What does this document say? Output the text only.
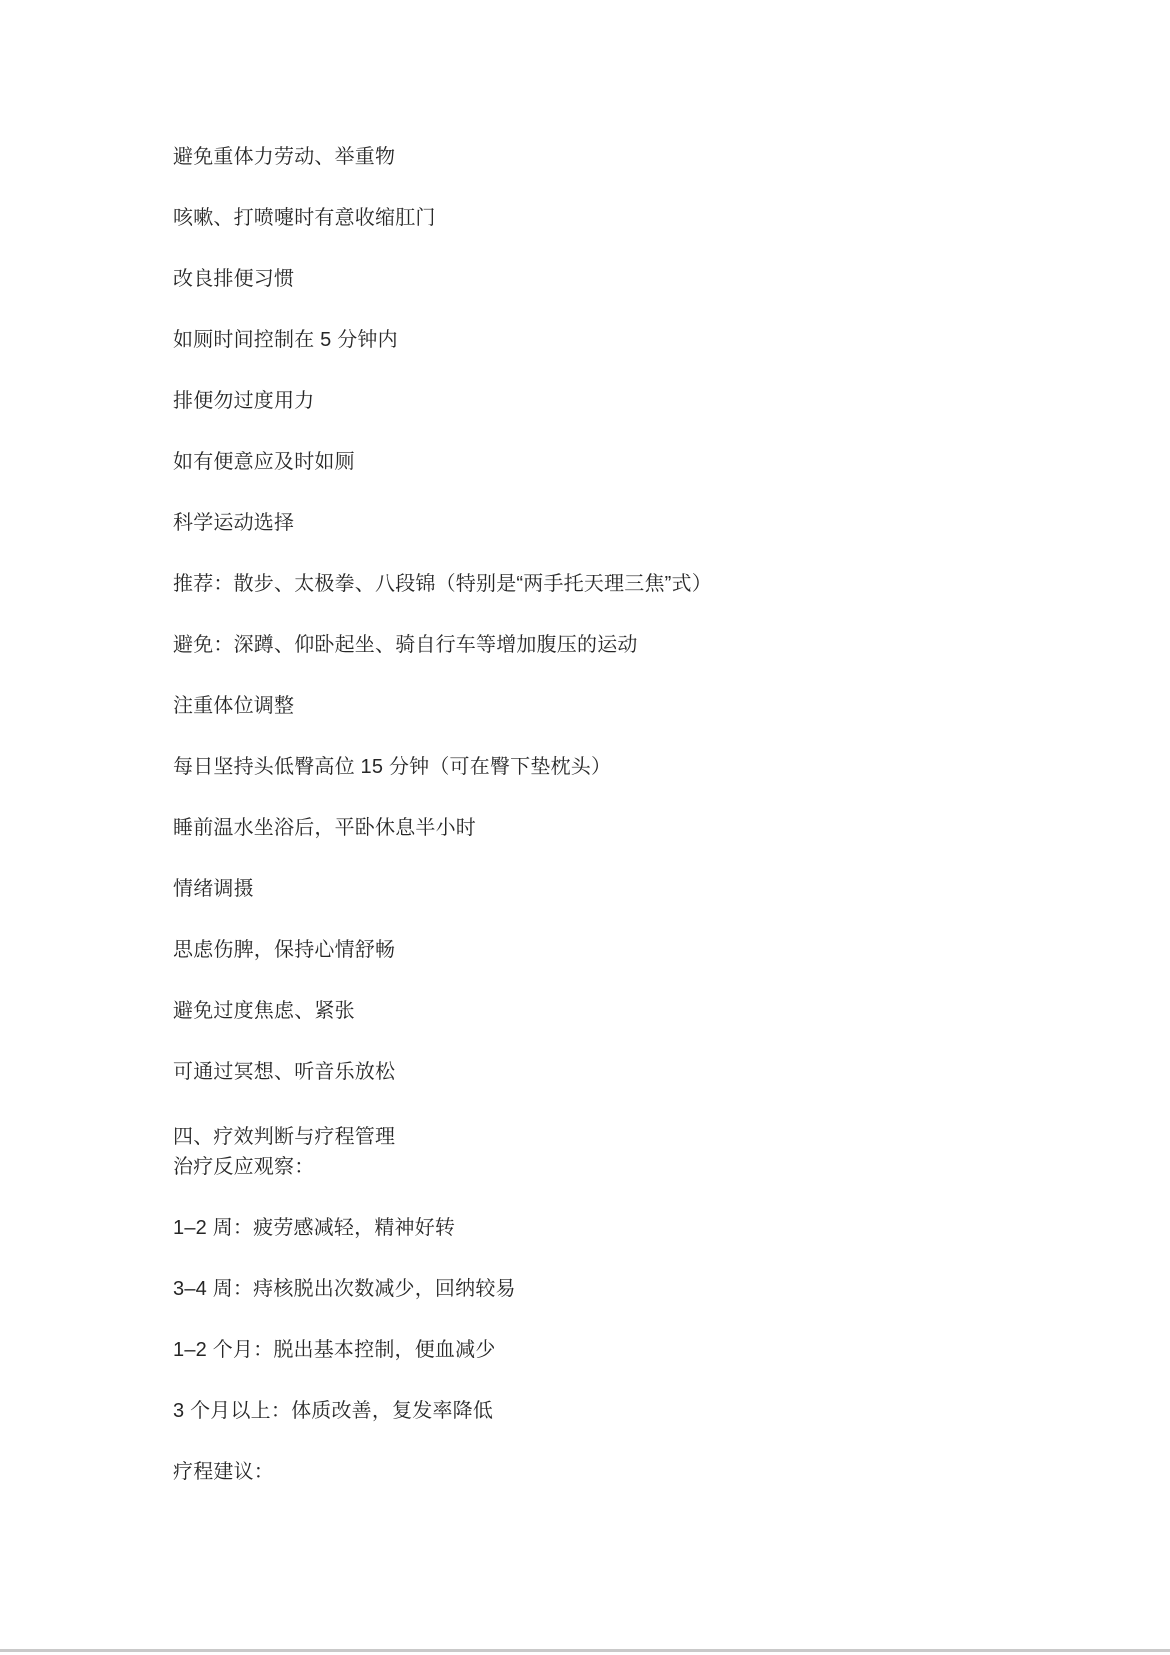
避免重体力劳动、举重物

咳嗽、打喷嚏时有意收缩肛门

改良排便习惯

如厕时间控制在 5 分钟内

排便勿过度用力

如有便意应及时如厕

科学运动选择

推荐：散步、太极拳、八段锦（特别是“两手托天理三焦”式）

避免：深蹲、仰卧起坐、骑自行车等增加腹压的运动

注重体位调整

每日坚持头低臀高位 15 分钟（可在臀下垫枕头）

睡前温水坐浴后，平卧休息半小时

情绪调摄

思虑伤脾，保持心情舒畅

避免过度焦虑、紧张

可通过冥想、听音乐放松

四、疗效判断与疗程管理
治疗反应观察：

1–2 周：疲劳感减轻，精神好转

3–4 周：痔核脱出次数减少，回纳较易

1–2 个月：脱出基本控制，便血减少

3 个月以上：体质改善，复发率降低

疗程建议：
